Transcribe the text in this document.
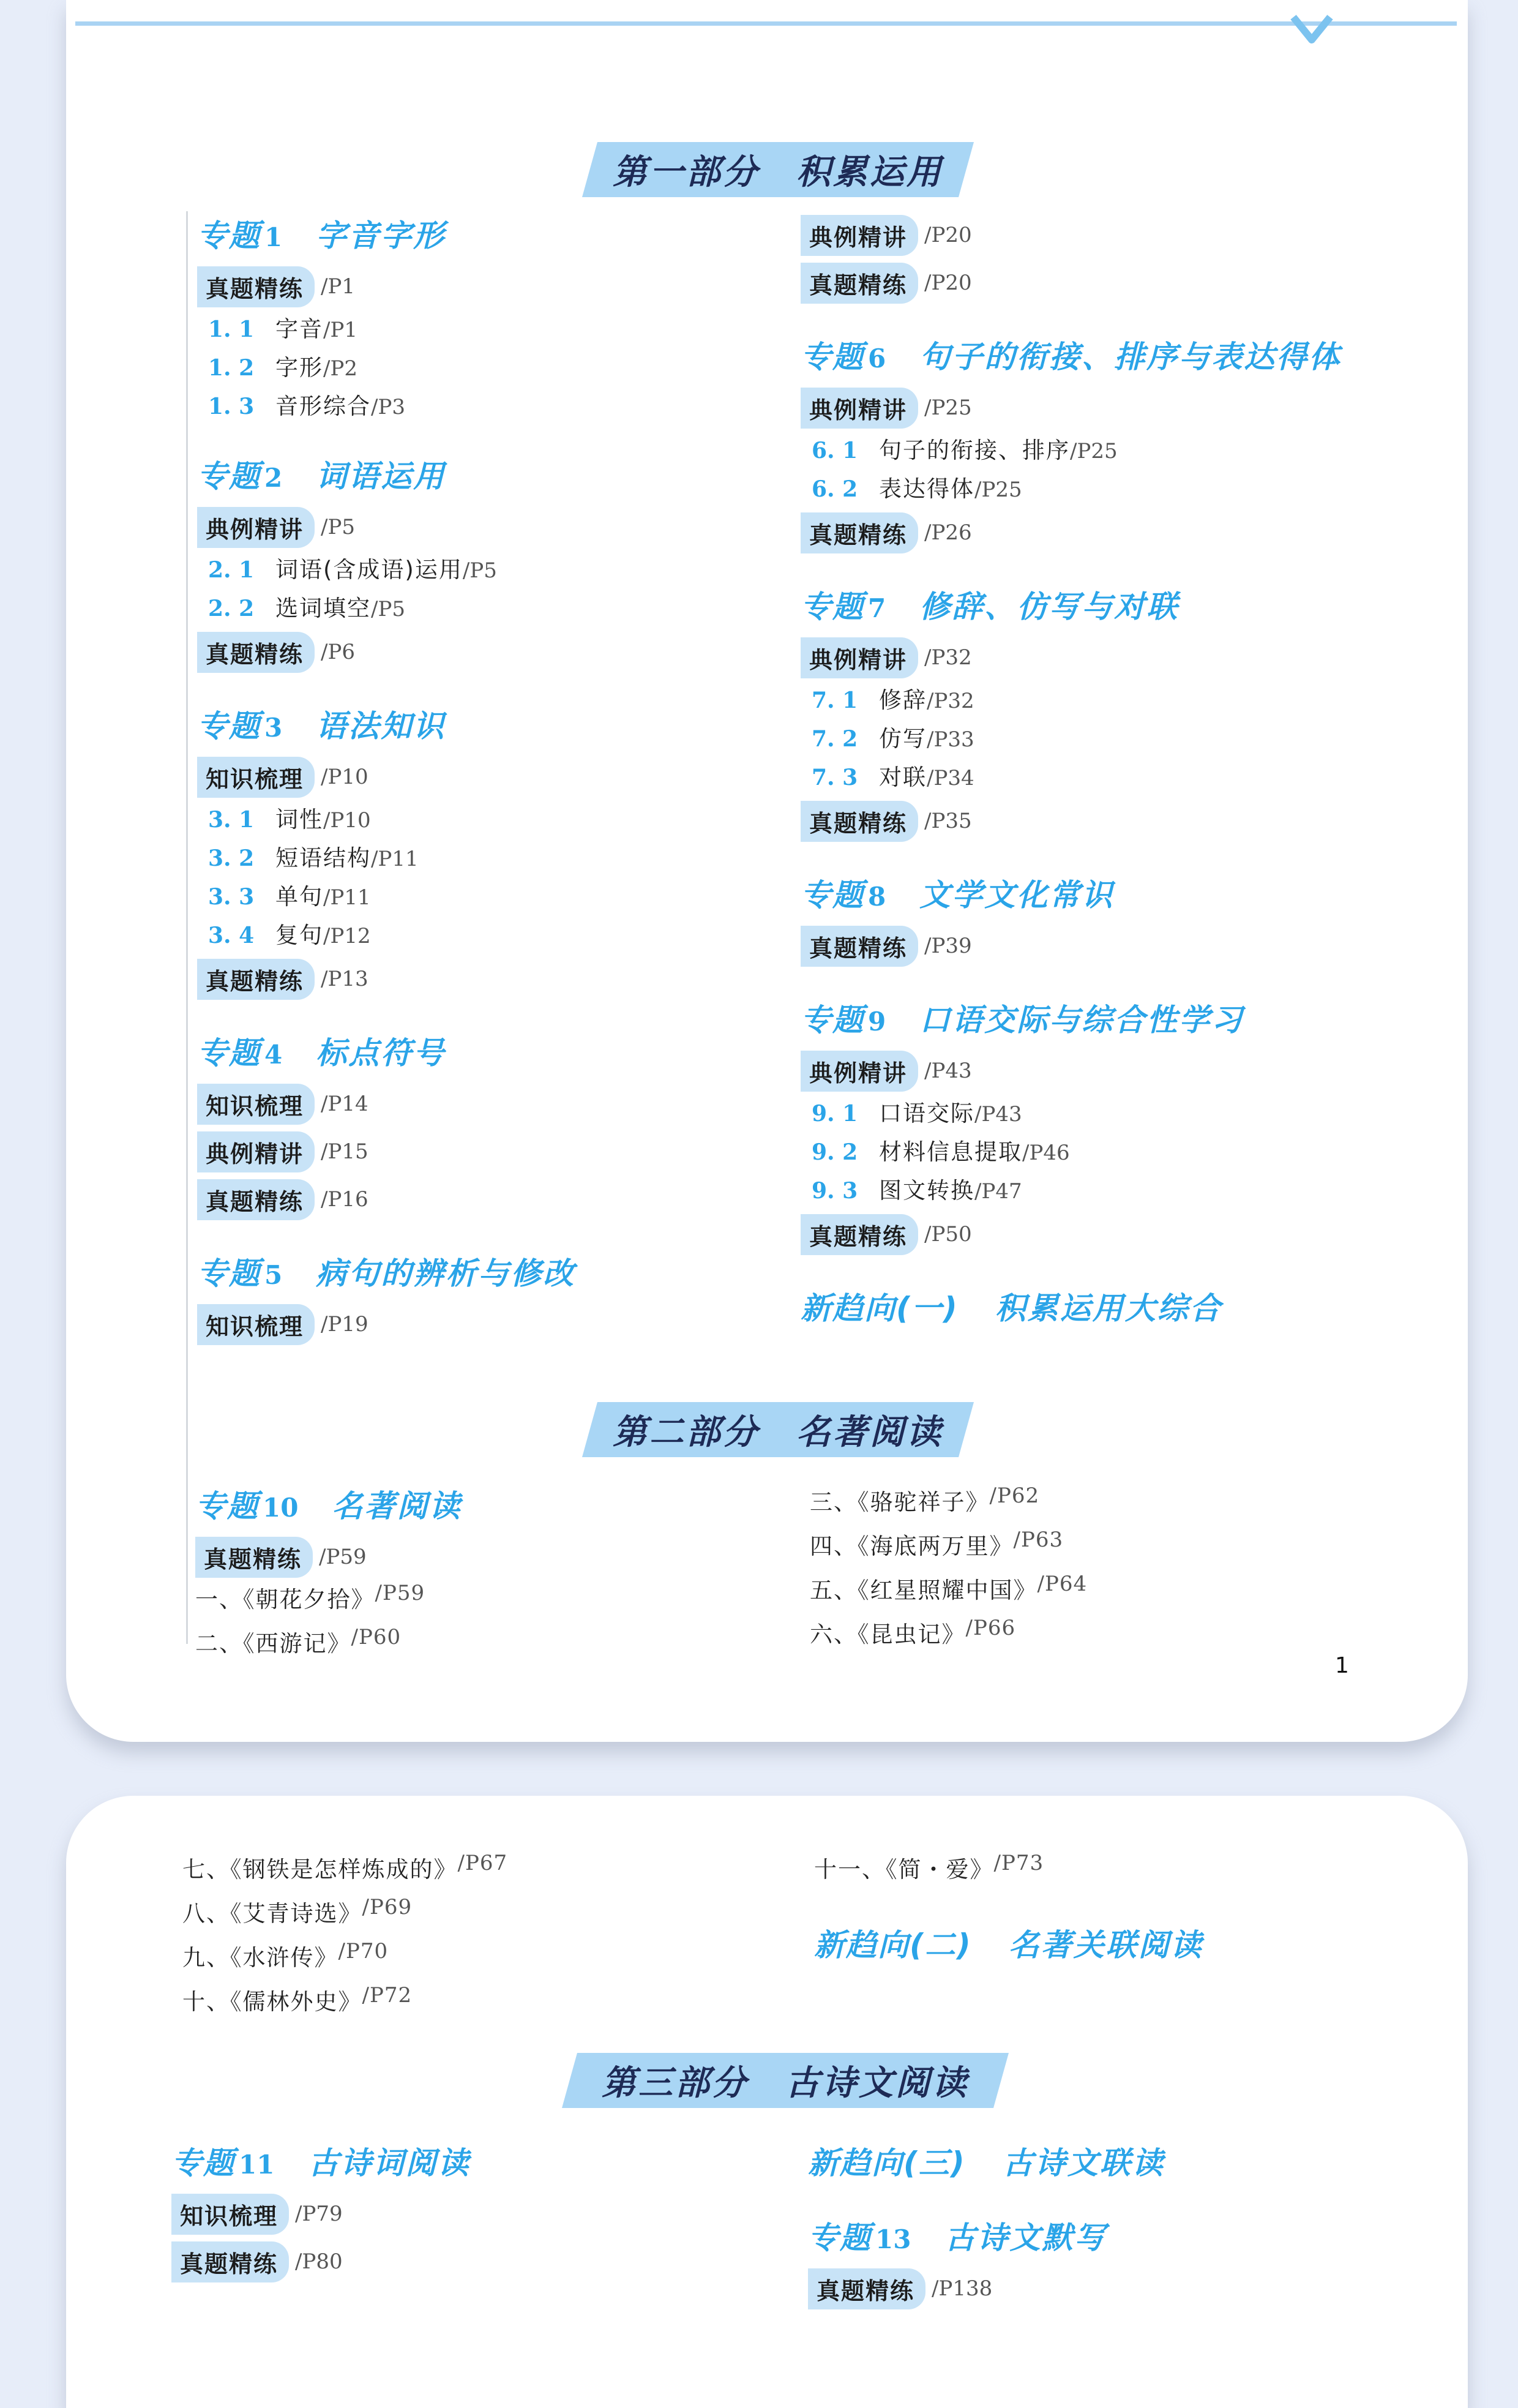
第一部分　积累运用
专题 1 字音字形
真题精练 /P1
1. 1 字音 /P1
1. 2 字形 /P2
1. 3 音形综合 /P3
专题 2 词语运用
典例精讲 /P5
2. 1 词语(含成语)运用 /P5
2. 2 选词填空 /P5
真题精练 /P6
专题 3 语法知识
知识梳理 /P10
3. 1 词性 /P10
3. 2 短语结构 /P11
3. 3 单句 /P11
3. 4 复句 /P12
真题精练 /P13
专题 4 标点符号
知识梳理 /P14
典例精讲 /P15
真题精练 /P16
专题 5 病句的辨析与修改
知识梳理 /P19
典例精讲 /P20
真题精练 /P20
专题 6 句子的衔接、排序与表达得体
典例精讲 /P25
6. 1 句子的衔接、排序 /P25
6. 2 表达得体 /P25
真题精练 /P26
专题 7 修辞、仿写与对联
典例精讲 /P32
7. 1 修辞 /P32
7. 2 仿写 /P33
7. 3 对联 /P34
真题精练 /P35
专题 8 文学文化常识
真题精练 /P39
专题 9 口语交际与综合性学习
典例精讲 /P43
9. 1 口语交际 /P43
9. 2 材料信息提取 /P46
9. 3 图文转换 /P47
真题精练 /P50
新趋向(一) 积累运用大综合
第二部分　名著阅读
专题 10 名著阅读
真题精练 /P59
一、《朝花夕拾》 /P59
二、《西游记》 /P60
三、《骆驼祥子》 /P62
四、《海底两万里》 /P63
五、《红星照耀中国》 /P64
六、《昆虫记》 /P66
1
七、《钢铁是怎样炼成的》 /P67
八、《艾青诗选》 /P69
九、《水浒传》 /P70
十、《儒林外史》 /P72
十一、《简・爱》 /P73
新趋向(二) 名著关联阅读
第三部分　古诗文阅读
专题 11 古诗词阅读
知识梳理 /P79
真题精练 /P80
新趋向(三) 古诗文联读
专题 13 古诗文默写
真题精练 /P138
